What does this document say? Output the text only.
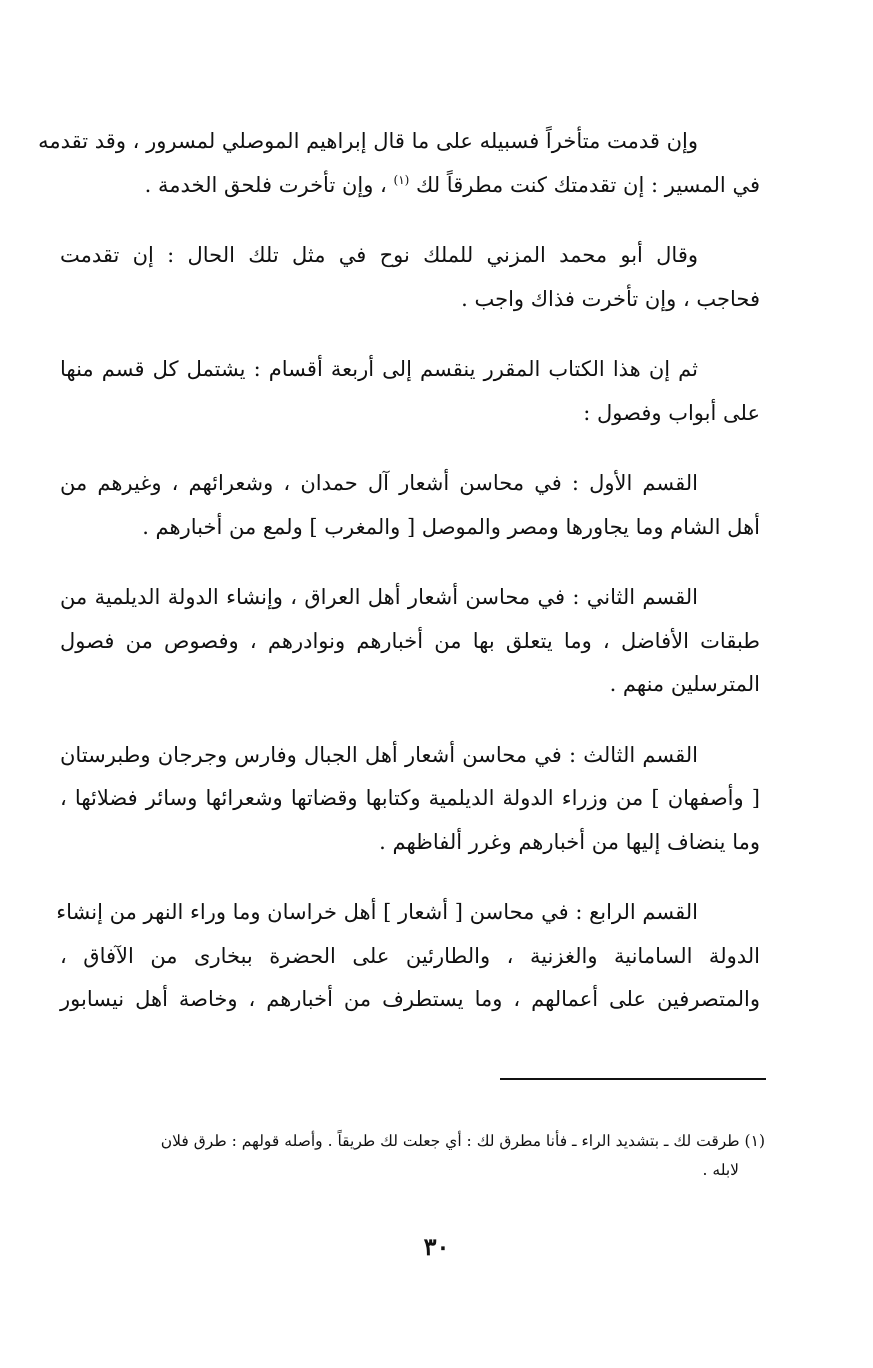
وإن قدمت متأخراً فسبيله على ما قال إبراهيم الموصلي لمسرور ، وقد تقدمه
في المسير : إن تقدمتك كنت مطرقاً لك $^{(١)}$ ، وإن تأخرت فلحق الخدمة .

وقال أبو محمد المزني للملك نوح في مثل تلك الحال : إن تقدمت
فحاجب ، وإن تأخرت فذاك واجب .

ثم إن هذا الكتاب المقرر ينقسم إلى أربعة أقسام : يشتمل كل قسم منها
على أبواب وفصول :

القسم الأول : في محاسن أشعار آل حمدان ، وشعرائهم ، وغيرهم من
أهل الشام وما يجاورها ومصر والموصل [ والمغرب ] ولمع من أخبارهم .

القسم الثاني : في محاسن أشعار أهل العراق ، وإنشاء الدولة الديلمية من
طبقات الأفاضل ، وما يتعلق بها من أخبارهم ونوادرهم ، وفصوص من فصول
المترسلين منهم .

القسم الثالث : في محاسن أشعار أهل الجبال وفارس وجرجان وطبرستان
[ وأصفهان ] من وزراء الدولة الديلمية وكتابها وقضاتها وشعرائها وسائر فضلائها ،
وما ينضاف إليها من أخبارهم وغرر ألفاظهم .

القسم الرابع : في محاسن [ أشعار ] أهل خراسان وما وراء النهر من إنشاء
الدولة السامانية والغزنية ، والطارئين على الحضرة ببخارى من الآفاق ،
والمتصرفين على أعمالهم ، وما يستطرف من أخبارهم ، وخاصة أهل نيسابور

(١) طرقت لك ـ بتشديد الراء ـ فأنا مطرق لك : أي جعلت لك طريقاً . وأصله قولهم : طرق فلان
لابله .
٣٠
